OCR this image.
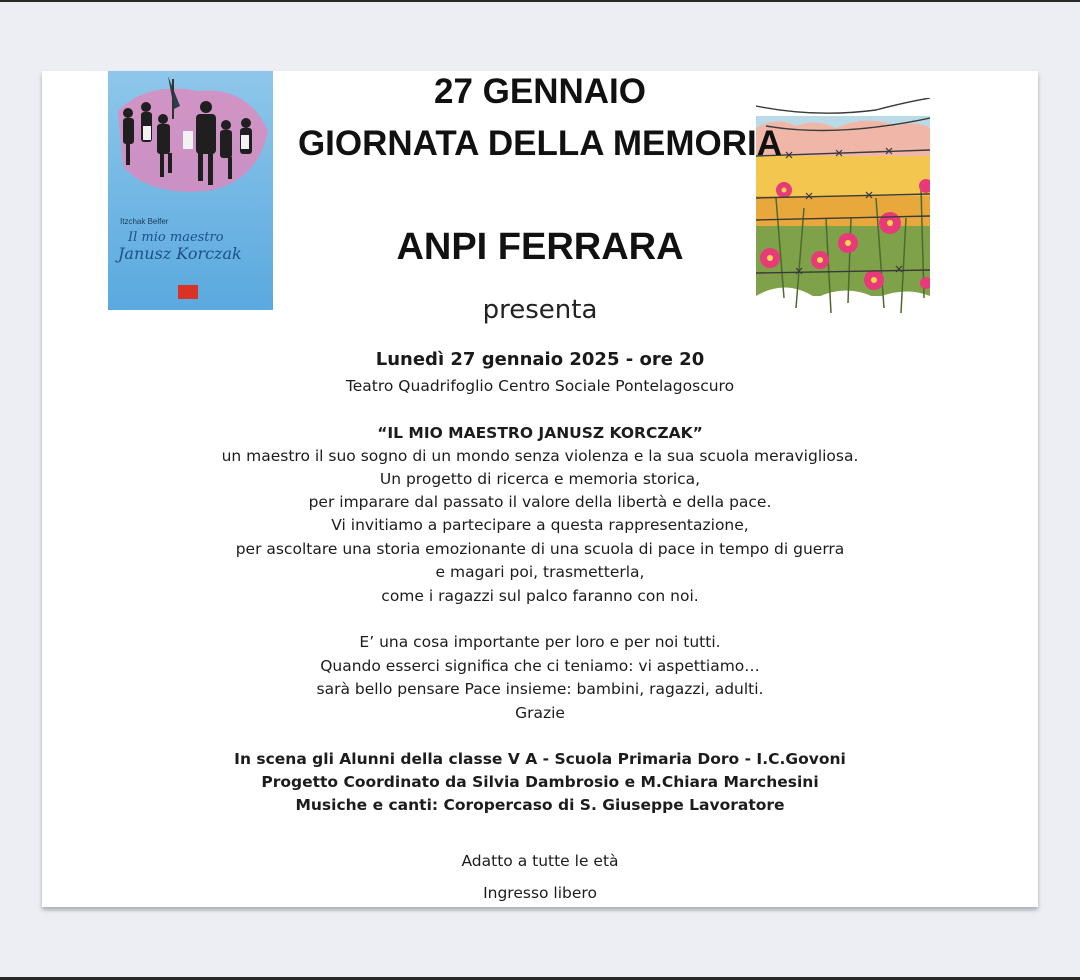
Itzchak Belfer
Il mio maestro
Janusz Korczak
27 GENNAIO
GIORNATA DELLA MEMORIA
ANPI FERRARA
presenta
Lunedì 27 gennaio 2025 - ore 20
Teatro Quadrifoglio Centro Sociale Pontelagoscuro
“IL MIO MAESTRO JANUSZ KORCZAK”
un maestro il suo sogno di un mondo senza violenza e la sua scuola meravigliosa.
Un progetto di ricerca e memoria storica,
per imparare dal passato il valore della libertà e della pace.
Vi invitiamo a partecipare a questa rappresentazione,
per ascoltare una storia emozionante di una scuola di pace in tempo di guerra
e magari poi, trasmetterla,
come i ragazzi sul palco faranno con noi.
E’ una cosa importante per loro e per noi tutti.
Quando esserci significa che ci teniamo: vi aspettiamo…
sarà bello pensare Pace insieme: bambini, ragazzi, adulti.
Grazie
In scena gli Alunni della classe V A - Scuola Primaria Doro - I.C.Govoni
Progetto Coordinato da Silvia Dambrosio e M.Chiara Marchesini
Musiche e canti: Coropercaso di S. Giuseppe Lavoratore
Adatto a tutte le età
Ingresso libero
